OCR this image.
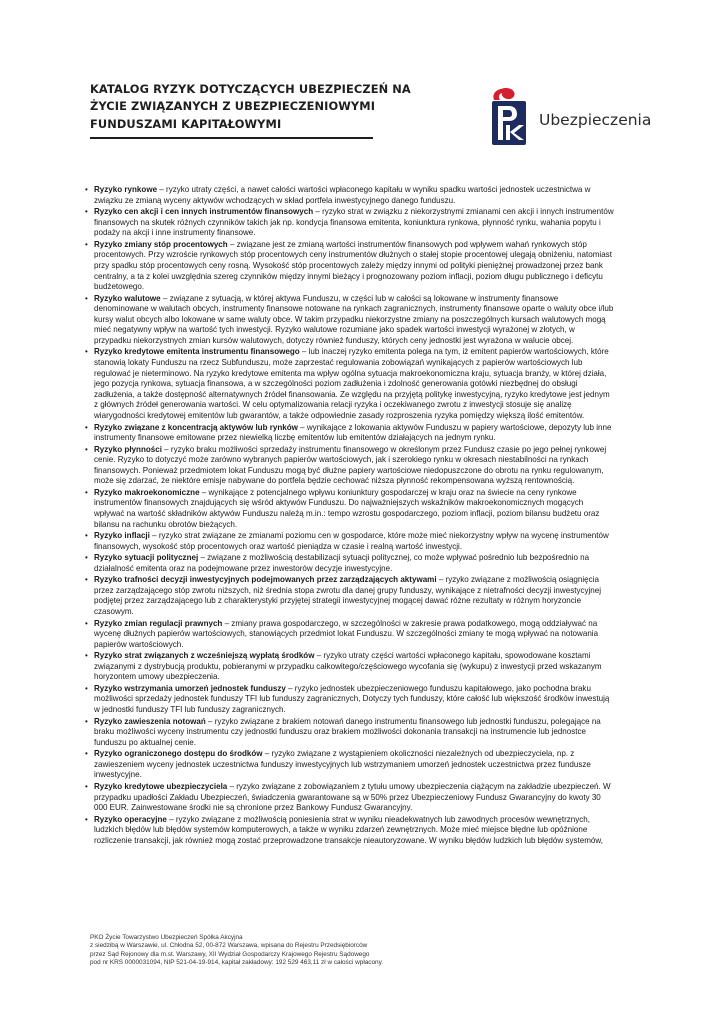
KATALOG RYZYK DOTYCZĄCYCH UBEZPIECZEŃ NA
ŻYCIE ZWIĄZANYCH Z UBEZPIECZENIOWYMI
FUNDUSZAMI KAPITAŁOWYMI	Ubezpieczenia
• Ryzyko rynkowe – ryzyko utraty części, a nawet całości wartości wpłaconego kapitału w wyniku spadku wartości jednostek uczestnictwa w związku ze zmianą wyceny aktywów wchodzących w skład portfela inwestycyjnego danego funduszu.
• Ryzyko cen akcji i cen innych instrumentów finansowych – ryzyko strat w związku z niekorzystnymi zmianami cen akcji i innych instrumentów finansowych na skutek różnych czynników takich jak np. kondycja finansowa emitenta, koniunktura rynkowa, płynność rynku, wahania popytu i podaży na akcji i inne instrumenty finansowe.
• Ryzyko zmiany stóp procentowych – związane jest ze zmianą wartości instrumentów finansowych pod wpływem wahań rynkowych stóp procentowych. Przy wzroście rynkowych stóp procentowych ceny instrumentów dłużnych o stałej stopie procentowej ulegają obniżeniu, natomiast przy spadku stóp procentowych ceny rosną. Wysokość stóp procentowych zależy między innymi od polityki pieniężnej prowadzonej przez bank centralny, a ta z kolei uwzględnia szereg czynników między innymi bieżący i prognozowany poziom inflacji, poziom długu publicznego i deficytu budżetowego.
• Ryzyko walutowe – związane z sytuacją, w której aktywa Funduszu, w części lub w całości są lokowane w instrumenty finansowe denominowane w walutach obcych, instrumenty finansowe notowane na rynkach zagranicznych, instrumenty finansowe oparte o waluty obce i/lub kursy walut obcych albo lokowane w same waluty obce. W takim przypadku niekorzystne zmiany na poszczególnych kursach walutowych mogą mieć negatywny wpływ na wartość tych inwestycji. Ryzyko walutowe rozumiane jako spadek wartości inwestycji wyrażonej w złotych, w przypadku niekorzystnych zmian kursów walutowych, dotyczy również funduszy, których ceny jednostki jest wyrażona w walucie obcej.
• Ryzyko kredytowe emitenta instrumentu finansowego – lub inaczej ryzyko emitenta polega na tym, iż emitent papierów wartościowych, które stanowią lokaty Funduszu na rzecz Subfunduszu, może zaprzestać regulowania zobowiązań wynikających z papierów wartościowych lub regulować je nieterminowo. Na ryzyko kredytowe emitenta ma wpływ ogólna sytuacja makroekonomiczna kraju, sytuacja branży, w której działa, jego pozycja rynkowa, sytuacja finansowa, a w szczególności poziom zadłużenia i zdolność generowania gotówki niezbędnej do obsługi zadłużenia, a także dostępność alternatywnych źródeł finansowania. Ze względu na przyjętą politykę inwestycyjną, ryzyko kredytowe jest jednym z głównych źródeł generowania wartości. W celu optymalizowania relacji ryzyka i oczekiwanego zwrotu z inwestycji stosuje się analizę wiarygodności kredytowej emitentów lub gwarantów, a także odpowiednie zasady rozproszenia ryzyka pomiędzy większą ilość emitentów.
• Ryzyko związane z koncentracją aktywów lub rynków – wynikające z lokowania aktywów Funduszu w papiery wartościowe, depozyty lub inne instrumenty finansowe emitowane przez niewielką liczbę emitentów lub emitentów działających na jednym rynku.
• Ryzyko płynności – ryzyko braku możliwości sprzedaży instrumentu finansowego w określonym przez Fundusz czasie po jego pełnej rynkowej cenie. Ryzyko to dotyczyć może zarówno wybranych papierów wartościowych, jak i szerokiego rynku w okresach niestabilności na rynkach finansowych. Ponieważ przedmiotem lokat Funduszu mogą być dłużne papiery wartościowe niedopuszczone do obrotu na rynku regulowanym, może się zdarzać, że niektóre emisje nabywane do portfela będzie cechować niższa płynność rekompensowana wyższą rentownością.
• Ryzyko makroekonomiczne – wynikające z potencjalnego wpływu koniunktury gospodarczej w kraju oraz na świecie na ceny rynkowe instrumentów finansowych znajdujących się wśród aktywów Funduszu. Do najważniejszych wskaźników makroekonomicznych mogących wpływać na wartość składników aktywów Funduszu należą m.in.: tempo wzrostu gospodarczego, poziom inflacji, poziom bilansu budżetu oraz bilansu na rachunku obrotów bieżących.
• Ryzyko inflacji – ryzyko strat związane ze zmianami poziomu cen w gospodarce, które może mieć niekorzystny wpływ na wycenę instrumentów finansowych, wysokość stóp procentowych oraz wartość pieniądza w czasie i realną wartość inwestycji.
• Ryzyko sytuacji politycznej – związane z możliwością destabilizacji sytuacji politycznej, co może wpływać pośrednio lub bezpośrednio na działalność emitenta oraz na podejmowane przez inwestorów decyzje inwestycyjne.
• Ryzyko trafności decyzji inwestycyjnych podejmowanych przez zarządzających aktywami – ryzyko związane z możliwością osiągnięcia przez zarządzającego stóp zwrotu niższych, niż średnia stopa zwrotu dla danej grupy funduszy, wynikające z nietrafności decyzji inwestycyjnej podjętej przez zarządzającego lub z charakterystyki przyjętej strategii inwestycyjnej mogącej dawać różne rezultaty w różnym horyzoncie czasowym.
• Ryzyko zmian regulacji prawnych – zmiany prawa gospodarczego, w szczególności w zakresie prawa podatkowego, mogą oddziaływać na wycenę dłużnych papierów wartościowych, stanowiących przedmiot lokat Funduszu. W szczególności zmiany te mogą wpływać na notowania papierów wartościowych.
• Ryzyko strat związanych z wcześniejszą wypłatą środków – ryzyko utraty części wartości wpłaconego kapitału, spowodowane kosztami związanymi z dystrybucją produktu, pobieranymi w przypadku całkowitego/częściowego wycofania się (wykupu) z inwestycji przed wskazanym horyzontem umowy ubezpieczenia.
• Ryzyko wstrzymania umorzeń jednostek funduszy – ryzyko jednostek ubezpieczeniowego funduszu kapitałowego, jako pochodna braku możliwości sprzedaży jednostek funduszy TFI lub funduszy zagranicznych, Dotyczy tych funduszy, które całość lub większość środków inwestują w jednostki funduszy TFI lub funduszy zagranicznych.
• Ryzyko zawieszenia notowań – ryzyko związane z brakiem notowań danego instrumentu finansowego lub jednostki funduszu, polegające na braku możliwości wyceny instrumentu czy jednostki funduszu oraz brakiem możliwości dokonania transakcji na instrumencie lub jednostce funduszu po aktualnej cenie.
• Ryzyko ograniczonego dostępu do środków – ryzyko związane z wystąpieniem okoliczności niezależnych od ubezpieczyciela, np. z zawieszeniem wyceny jednostek uczestnictwa funduszy inwestycyjnych lub wstrzymaniem umorzeń jednostek uczestnictwa przez fundusze inwestycyjne.
• Ryzyko kredytowe ubezpieczyciela – ryzyko związane z zobowiązaniem z tytułu umowy ubezpieczenia ciążącym na zakładzie ubezpieczeń. W przypadku upadłości Zakładu Ubezpieczeń, świadczenia gwarantowane są w 50% przez Ubezpieczeniowy Fundusz Gwarancyjny do kwoty 30 000 EUR. Zainwestowane środki nie są chronione przez Bankowy Fundusz Gwarancyjny.
• Ryzyko operacyjne – ryzyko związane z możliwością poniesienia strat w wyniku nieadekwatnych lub zawodnych procesów wewnętrznych, ludzkich błędów lub błędów systemów komputerowych, a także w wyniku zdarzeń zewnętrznych. Może mieć miejsce błędne lub opóźnione rozliczenie transakcji, jak również mogą zostać przeprowadzone transakcje nieautoryzowane. W wyniku błędów ludzkich lub błędów systemów,
PKO Życie Towarzystwo Ubezpieczeń Spółka Akcyjna
z siedzibą w Warszawie, ul. Chłodna 52, 00-872 Warszawa, wpisana do Rejestru Przedsiębiorców
przez Sąd Rejonowy dla m.st. Warszawy, XII Wydział Gospodarczy Krajowego Rejestru Sądowego
pod nr KRS 0000031094, NIP 521-04-19-914, kapitał zakładowy: 192 529 463,11 zł w całości wpłacony.
